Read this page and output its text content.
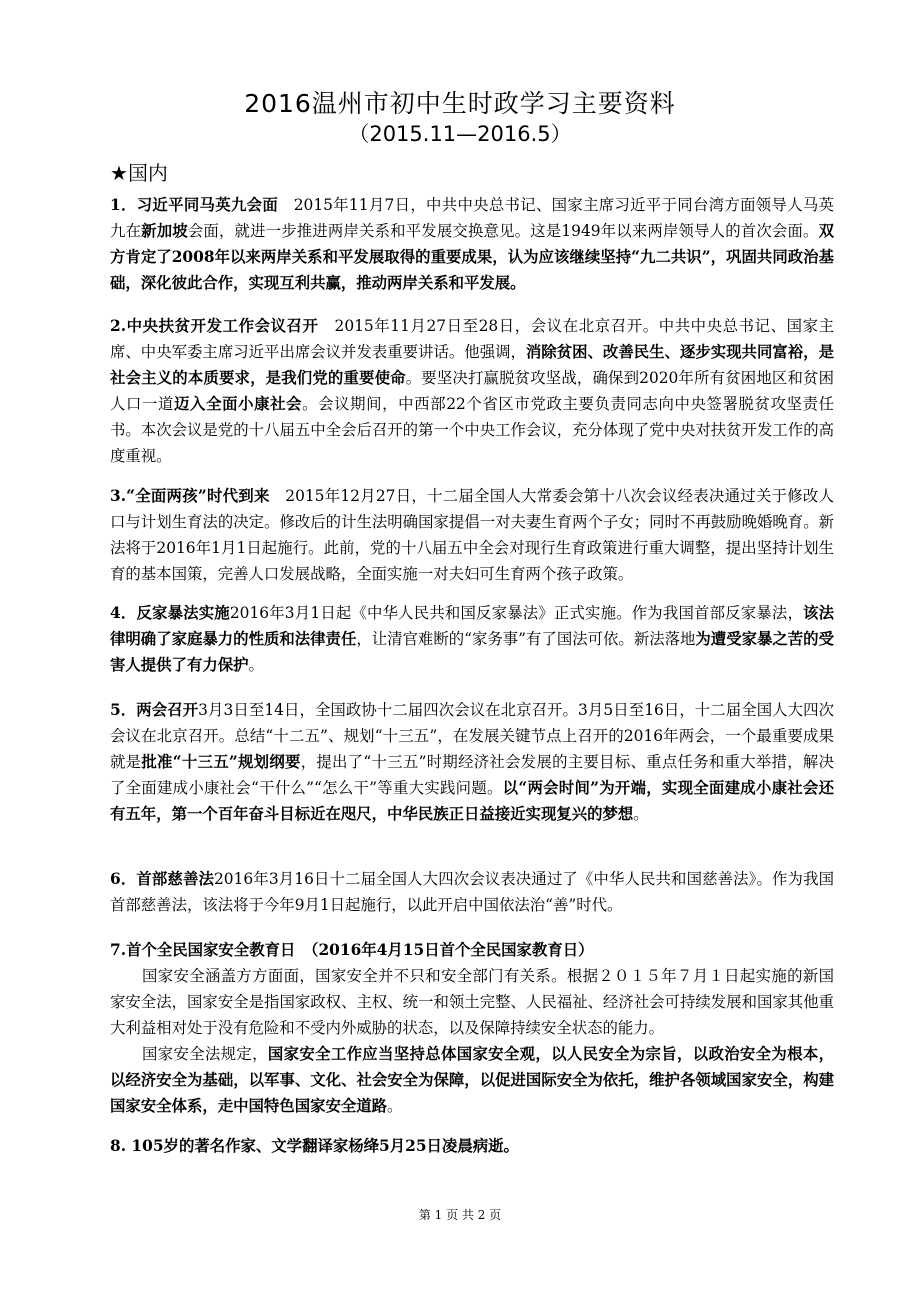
2016温州市初中生时政学习主要资料
（2015.11—2016.5）
★国内
1．习近平同马英九会面　2015年11月7日，中共中央总书记、国家主席习近平于同台湾方面领导人马英九在新加坡会面，就进一步推进两岸关系和平发展交换意见。这是1949年以来两岸领导人的首次会面。双方肯定了2008年以来两岸关系和平发展取得的重要成果，认为应该继续坚持“九二共识”，巩固共同政治基础，深化彼此合作，实现互利共赢，推动两岸关系和平发展。
2.中央扶贫开发工作会议召开　2015年11月27日至28日，会议在北京召开。中共中央总书记、国家主席、中央军委主席习近平出席会议并发表重要讲话。他强调，消除贫困、改善民生、逐步实现共同富裕，是社会主义的本质要求，是我们党的重要使命。要坚决打赢脱贫攻坚战，确保到2020年所有贫困地区和贫困人口一道迈入全面小康社会。会议期间，中西部22个省区市党政主要负责同志向中央签署脱贫攻坚责任书。本次会议是党的十八届五中全会后召开的第一个中央工作会议，充分体现了党中央对扶贫开发工作的高度重视。
3.“全面两孩”时代到来　2015年12月27日，十二届全国人大常委会第十八次会议经表决通过关于修改人口与计划生育法的决定。修改后的计生法明确国家提倡一对夫妻生育两个子女；同时不再鼓励晚婚晚育。新法将于2016年1月1日起施行。此前，党的十八届五中全会对现行生育政策进行重大调整，提出坚持计划生育的基本国策，完善人口发展战略，全面实施一对夫妇可生育两个孩子政策。
4．反家暴法实施2016年3月1日起《中华人民共和国反家暴法》正式实施。作为我国首部反家暴法，该法律明确了家庭暴力的性质和法律责任，让清官难断的“家务事”有了国法可依。新法落地为遭受家暴之苦的受害人提供了有力保护。
5．两会召开3月3日至14日，全国政协十二届四次会议在北京召开。3月5日至16日，十二届全国人大四次会议在北京召开。总结“十二五”、规划“十三五”，在发展关键节点上召开的2016年两会，一个最重要成果就是批准“十三五”规划纲要，提出了“十三五”时期经济社会发展的主要目标、重点任务和重大举措，解决了全面建成小康社会“干什么”“怎么干”等重大实践问题。以“两会时间”为开端，实现全面建成小康社会还有五年，第一个百年奋斗目标近在咫尺，中华民族正日益接近实现复兴的梦想。
6．首部慈善法2016年3月16日十二届全国人大四次会议表决通过了《中华人民共和国慈善法》。作为我国首部慈善法，该法将于今年9月1日起施行，以此开启中国依法治“善”时代。
7.首个全民国家安全教育日　（2016年4月15日首个全民国家教育日）

国家安全涵盖方方面面，国家安全并不只和安全部门有关系。根据２０１５年７月１日起实施的新国家安全法，国家安全是指国家政权、主权、统一和领土完整、人民福祉、经济社会可持续发展和国家其他重大利益相对处于没有危险和不受内外威胁的状态，以及保障持续安全状态的能力。
国家安全法规定，国家安全工作应当坚持总体国家安全观，以人民安全为宗旨，以政治安全为根本，以经济安全为基础，以军事、文化、社会安全为保障，以促进国际安全为依托，维护各领域国家安全，构建国家安全体系，走中国特色国家安全道路。
8. 105岁的著名作家、文学翻译家杨绛5月25日凌晨病逝。
第 1 页 共 2 页
